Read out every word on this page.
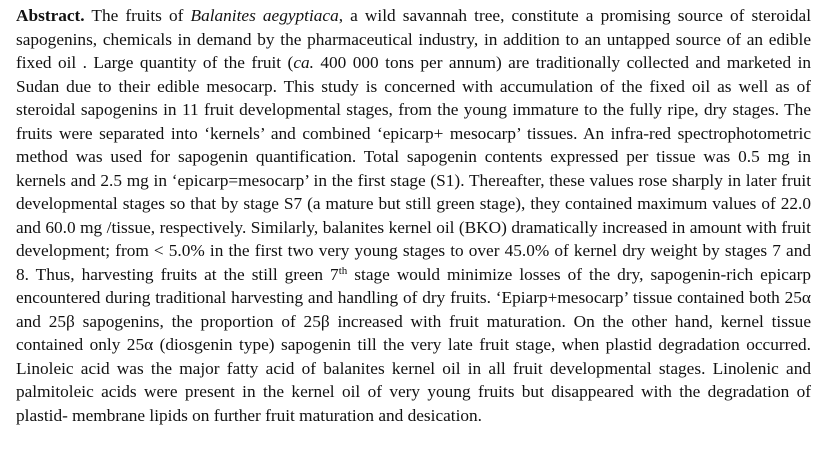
Abstract. The fruits of Balanites aegyptiaca, a wild savannah tree, constitute a promising source of steroidal sapogenins, chemicals in demand by the pharmaceutical industry, in addition to an untapped source of an edible fixed oil . Large quantity of the fruit (ca. 400 000 tons per annum) are traditionally collected and marketed in Sudan due to their edible mesocarp. This study is concerned with accumulation of the fixed oil as well as of steroidal sapogenins in 11 fruit developmental stages, from the young immature to the fully ripe, dry stages. The fruits were separated into ‘kernels’ and combined ‘epicarp+ mesocarp’ tissues. An infra-red spectrophotometric method was used for sapogenin quantification. Total sapogenin contents expressed per tissue was 0.5 mg in kernels and 2.5 mg in ‘epicarp=mesocarp’ in the first stage (S1). Thereafter, these values rose sharply in later fruit developmental stages so that by stage S7 (a mature but still green stage), they contained maximum values of 22.0 and 60.0 mg /tissue, respectively. Similarly, balanites kernel oil (BKO) dramatically increased in amount with fruit development; from < 5.0% in the first two very young stages to over 45.0% of kernel dry weight by stages 7 and 8. Thus, harvesting fruits at the still green 7th stage would minimize losses of the dry, sapogenin-rich epicarp encountered during traditional harvesting and handling of dry fruits. ‘Epiarp+mesocarp’ tissue contained both 25α and 25β sapogenins, the proportion of 25β increased with fruit maturation. On the other hand, kernel tissue contained only 25α (diosgenin type) sapogenin till the very late fruit stage, when plastid degradation occurred. Linoleic acid was the major fatty acid of balanites kernel oil in all fruit developmental stages. Linolenic and palmitoleic acids were present in the kernel oil of very young fruits but disappeared with the degradation of plastid- membrane lipids on further fruit maturation and desication.
